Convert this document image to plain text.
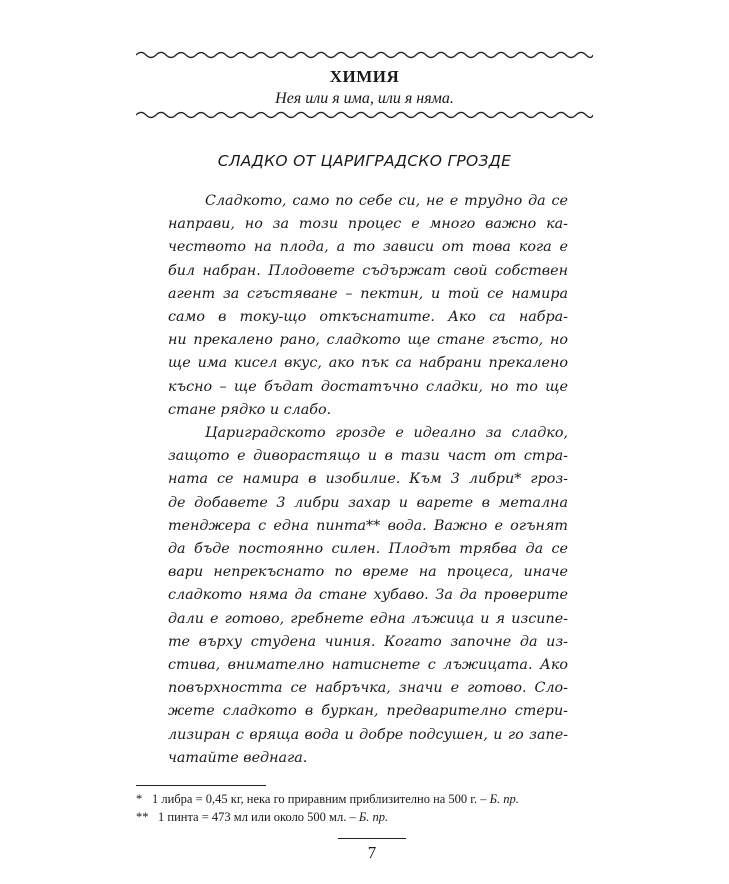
ХИМИЯ
Нея или я има, или я няма.
СЛАДКО ОТ ЦАРИГРАДСКО ГРОЗДЕ
Сладкото, само по себе си, не е трудно да се
направи, но за този процес е много важно ка-
чеството на плода, а то зависи от това кога е
бил набран. Плодовете съдържат свой собствен
агент за сгъстяване – пектин, и той се намира
само в току-що откъснатите. Ако са набра-
ни прекалено рано, сладкото ще стане гъсто, но
ще има кисел вкус, ако пък са набрани прекалено
късно – ще бъдат достатъчно сладки, но то ще
стане рядко и слабо.
Цариградското грозде е идеално за сладко,
защото е диворастящо и в тази част от стра-
ната се намира в изобилие. Към 3 либри* гроз-
де добавете 3 либри захар и варете в метална
тенджера с една пинта** вода. Важно е огънят
да бъде постоянно силен. Плодът трябва да се
вари непрекъснато по време на процеса, иначе
сладкото няма да стане хубаво. За да проверите
дали е готово, гребнете една лъжица и я изсипе-
те върху студена чиния. Когато започне да из-
стива, внимателно натиснете с лъжицата. Ако
повърхността се набръчка, значи е готово. Сло-
жете сладкото в буркан, предварително стери-
лизиран с вряща вода и добре подсушен, и го запе-
чатайте веднага.
* 1 либра = 0,45 кг, нека го приравним приблизително на 500 г. – Б. пр.
** 1 пинта = 473 мл или около 500 мл. – Б. пр.
7
